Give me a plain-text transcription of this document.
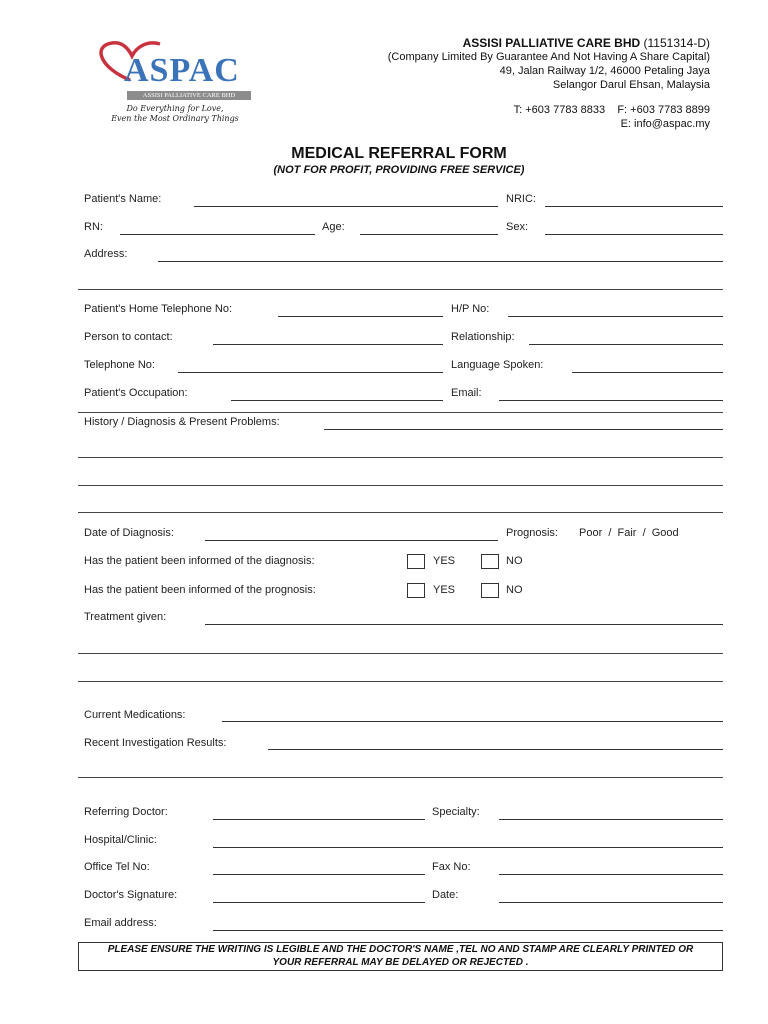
ASPAC
ASSISI PALLIATIVE CARE BHD
Do Everything for Love,
Even the Most Ordinary Things
ASSISI PALLIATIVE CARE BHD (1151314-D)
(Company Limited By Guarantee And Not Having A Share Capital)
49, Jalan Railway 1/2, 46000 Petaling Jaya
Selangor Darul Ehsan, Malaysia
T: +603 7783 8833 F: +603 7783 8899
E: info@aspac.my
MEDICAL REFERRAL FORM
(NOT FOR PROFIT, PROVIDING FREE SERVICE)
Patient's Name:	NRIC:
RN:	Age:	Sex:
Address:
Patient's Home Telephone No:	H/P No:
Person to contact:	Relationship:
Telephone No:	Language Spoken:
Patient's Occupation:	Email:
History / Diagnosis & Present Problems:
Date of Diagnosis:	Prognosis: Poor  /  Fair  /  Good
Has the patient been informed of the diagnosis:	YES	NO
Has the patient been informed of the prognosis:	YES	NO
Treatment given:
Current Medications:
Recent Investigation Results:
Referring Doctor:	Specialty:
Hospital/Clinic:
Office Tel No:	Fax No:
Doctor's Signature:	Date:
Email address:
PLEASE ENSURE THE WRITING IS LEGIBLE AND THE DOCTOR'S NAME ,TEL NO AND STAMP ARE CLEARLY PRINTED OR
YOUR REFERRAL MAY BE DELAYED OR REJECTED .
